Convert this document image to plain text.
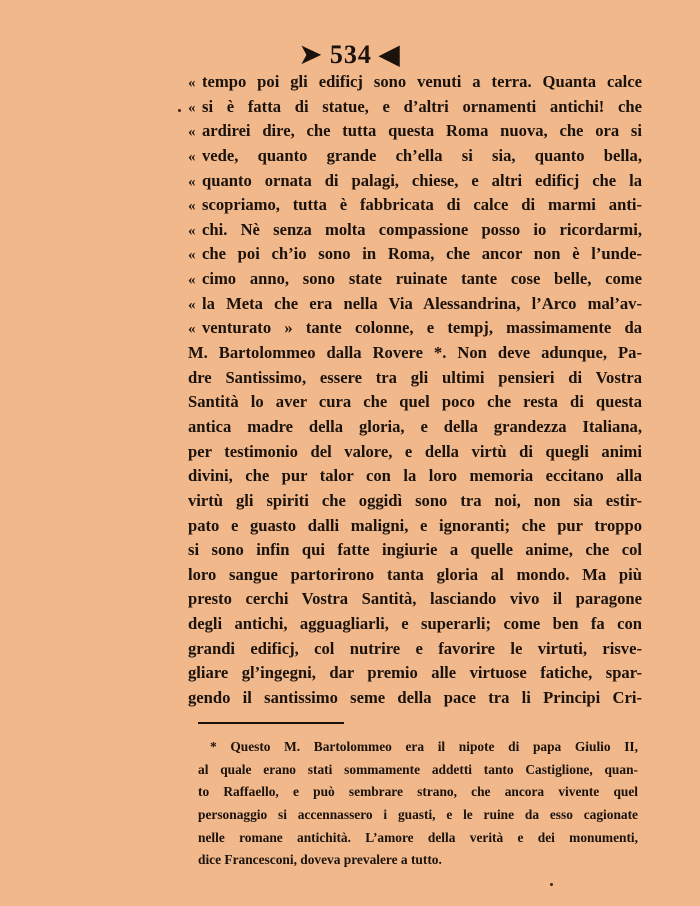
➤ 534 ◀
« tempo poi gli edificj sono venuti a terra. Quanta calce
« si è fatta di statue, e d’altri ornamenti antichi! che
« ardirei dire, che tutta questa Roma nuova, che ora si
« vede, quanto grande ch’ella si sia, quanto bella,
« quanto ornata di palagi, chiese, e altri edificj che la
« scopriamo, tutta è fabbricata di calce di marmi anti-
« chi. Nè senza molta compassione posso io ricordarmi,
« che poi ch’io sono in Roma, che ancor non è l’unde-
« cimo anno, sono state ruinate tante cose belle, come
« la Meta che era nella Via Alessandrina, l’Arco mal’av-
« venturato » tante colonne, e tempj, massimamente da
M. Bartolommeo dalla Rovere *. Non deve adunque, Pa-
dre Santissimo, essere tra gli ultimi pensieri di Vostra
Santità lo aver cura che quel poco che resta di questa
antica madre della gloria, e della grandezza Italiana,
per testimonio del valore, e della virtù di quegli animi
divini, che pur talor con la loro memoria eccitano alla
virtù gli spiriti che oggidì sono tra noi, non sia estir-
pato e guasto dalli maligni, e ignoranti; che pur troppo
si sono infin qui fatte ingiurie a quelle anime, che col
loro sangue partorirono tanta gloria al mondo. Ma più
presto cerchi Vostra Santità, lasciando vivo il paragone
degli antichi, agguagliarli, e superarli; come ben fa con
grandi edificj, col nutrire e favorire le virtuti, risve-
gliare gl’ingegni, dar premio alle virtuose fatiche, spar-
gendo il santissimo seme della pace tra li Principi Cri-
* Questo M. Bartolommeo era il nipote di papa Giulio II,
al quale erano stati sommamente addetti tanto Castiglione, quan-
to Raffaello, e può sembrare strano, che ancora vivente quel
personaggio si accennassero i guasti, e le ruine da esso cagionate
nelle romane antichità. L’amore della verità e dei monumenti,
dice Francesconi, doveva prevalere a tutto.
